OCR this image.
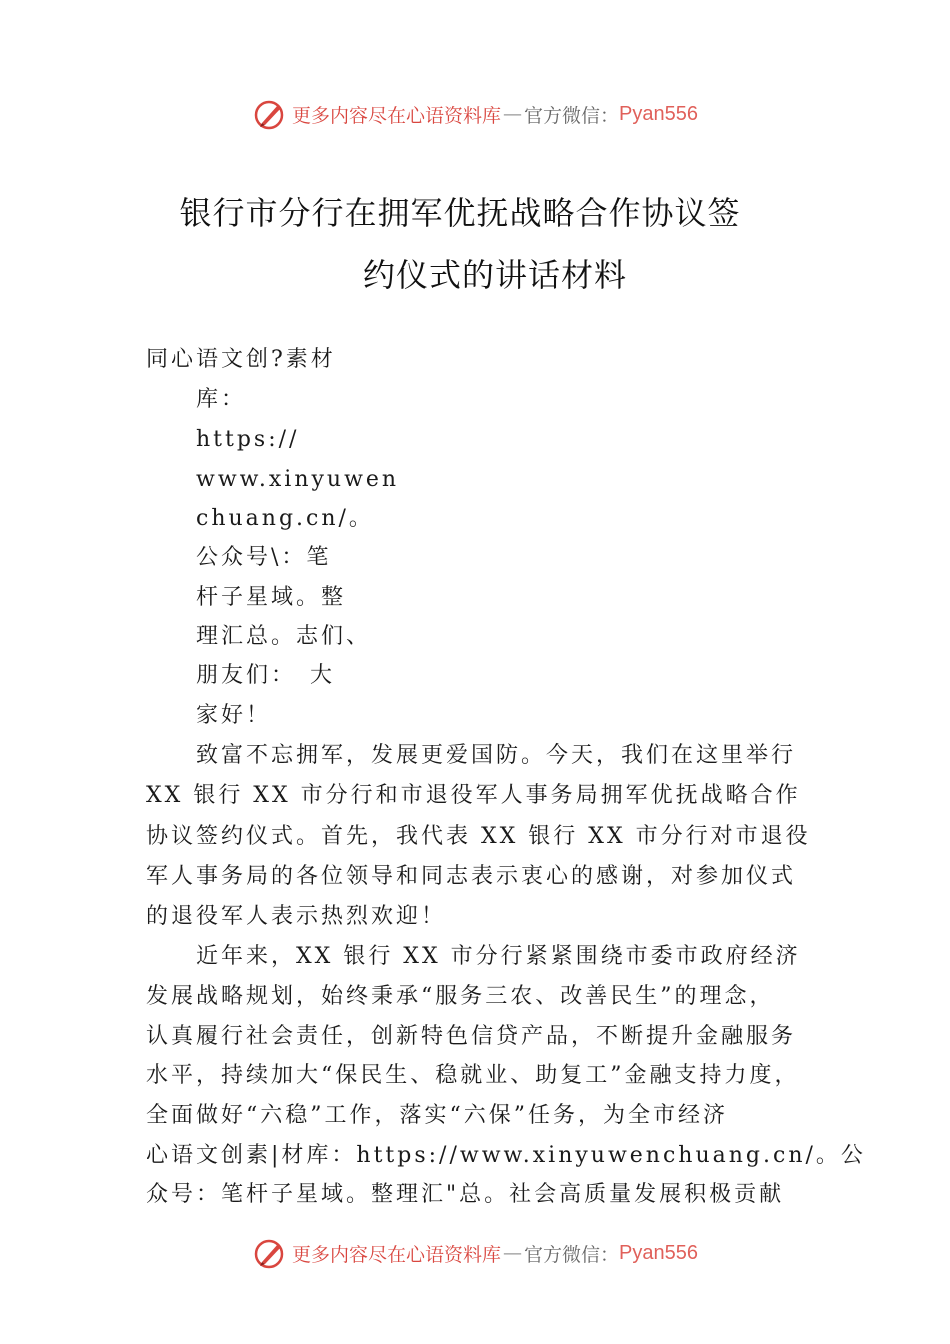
更多内容尽在心语资料库 — 官方微信： Pyan556
银行市分行在拥军优抚战略合作协议签
约仪式的讲话材料
同心语文创?素材
库：
https://
www.xinyuwen
chuang.cn/。
公众号\：笔
杆子星域。整
理汇总。志们、
朋友们：　大
家好！
致富不忘拥军，发展更爱国防。今天，我们在这里举行
XX 银行 XX 市分行和市退役军人事务局拥军优抚战略合作
协议签约仪式。首先，我代表 XX 银行 XX 市分行对市退役
军人事务局的各位领导和同志表示衷心的感谢，对参加仪式
的退役军人表示热烈欢迎！
近年来，XX 银行 XX 市分行紧紧围绕市委市政府经济
发展战略规划，始终秉承“服务三农、改善民生”的理念，
认真履行社会责任，创新特色信贷产品，不断提升金融服务
水平，持续加大“保民生、稳就业、助复工”金融支持力度，
全面做好“六稳”工作，落实“六保”任务，为全市经济
心语文创素|材库：https://www.xinyuwenchuang.cn/。公
众号：笔杆子星域。整理汇"总。社会高质量发展积极贡献
更多内容尽在心语资料库 — 官方微信： Pyan556
